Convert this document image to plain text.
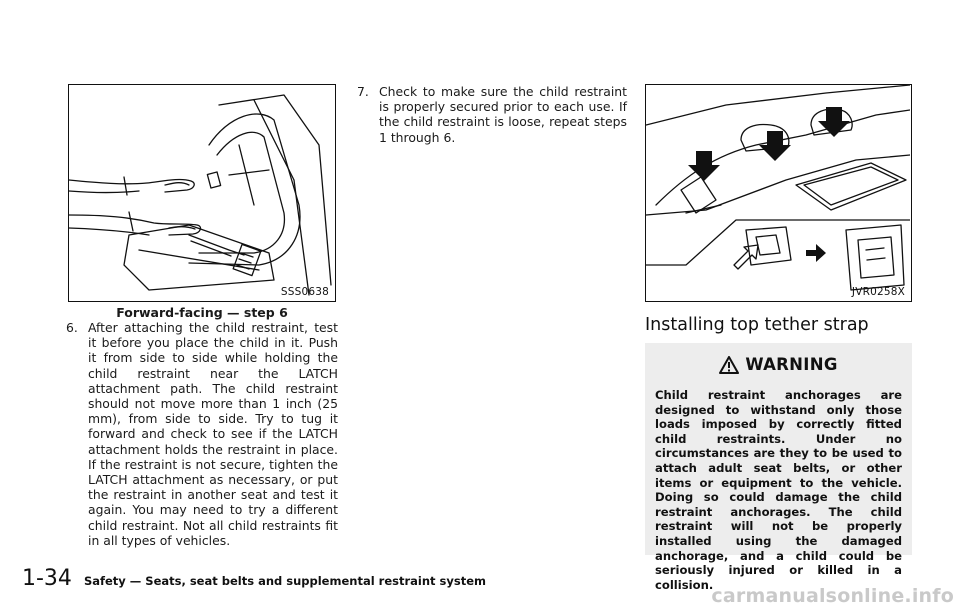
SSS0638
Forward-facing — step 6
6. After attaching the child restraint, test it before you place the child in it. Push it from side to side while holding the child restraint near the LATCH attachment path. The child restraint should not move more than 1 inch (25 mm), from side to side. Try to tug it forward and check to see if the LATCH attachment holds the restraint in place. If the restraint is not secure, tighten the LATCH attachment as necessary, or put the restraint in another seat and test it again. You may need to try a different child restraint. Not all child restraints fit in all types of vehicles.
7. Check to make sure the child restraint is properly secured prior to each use. If the child restraint is loose, repeat steps 1 through 6.
JVR0258X
Installing top tether strap
WARNING
Child restraint anchorages are designed to withstand only those loads imposed by correctly fitted child restraints. Under no circumstances are they to be used to attach adult seat belts, or other items or equipment to the vehicle. Doing so could damage the child restraint anchorages. The child restraint will not be properly installed using the damaged anchorage, and a child could be seriously injured or killed in a collision.
1-34 Safety — Seats, seat belts and supplemental restraint system
carmanualsonline.info
